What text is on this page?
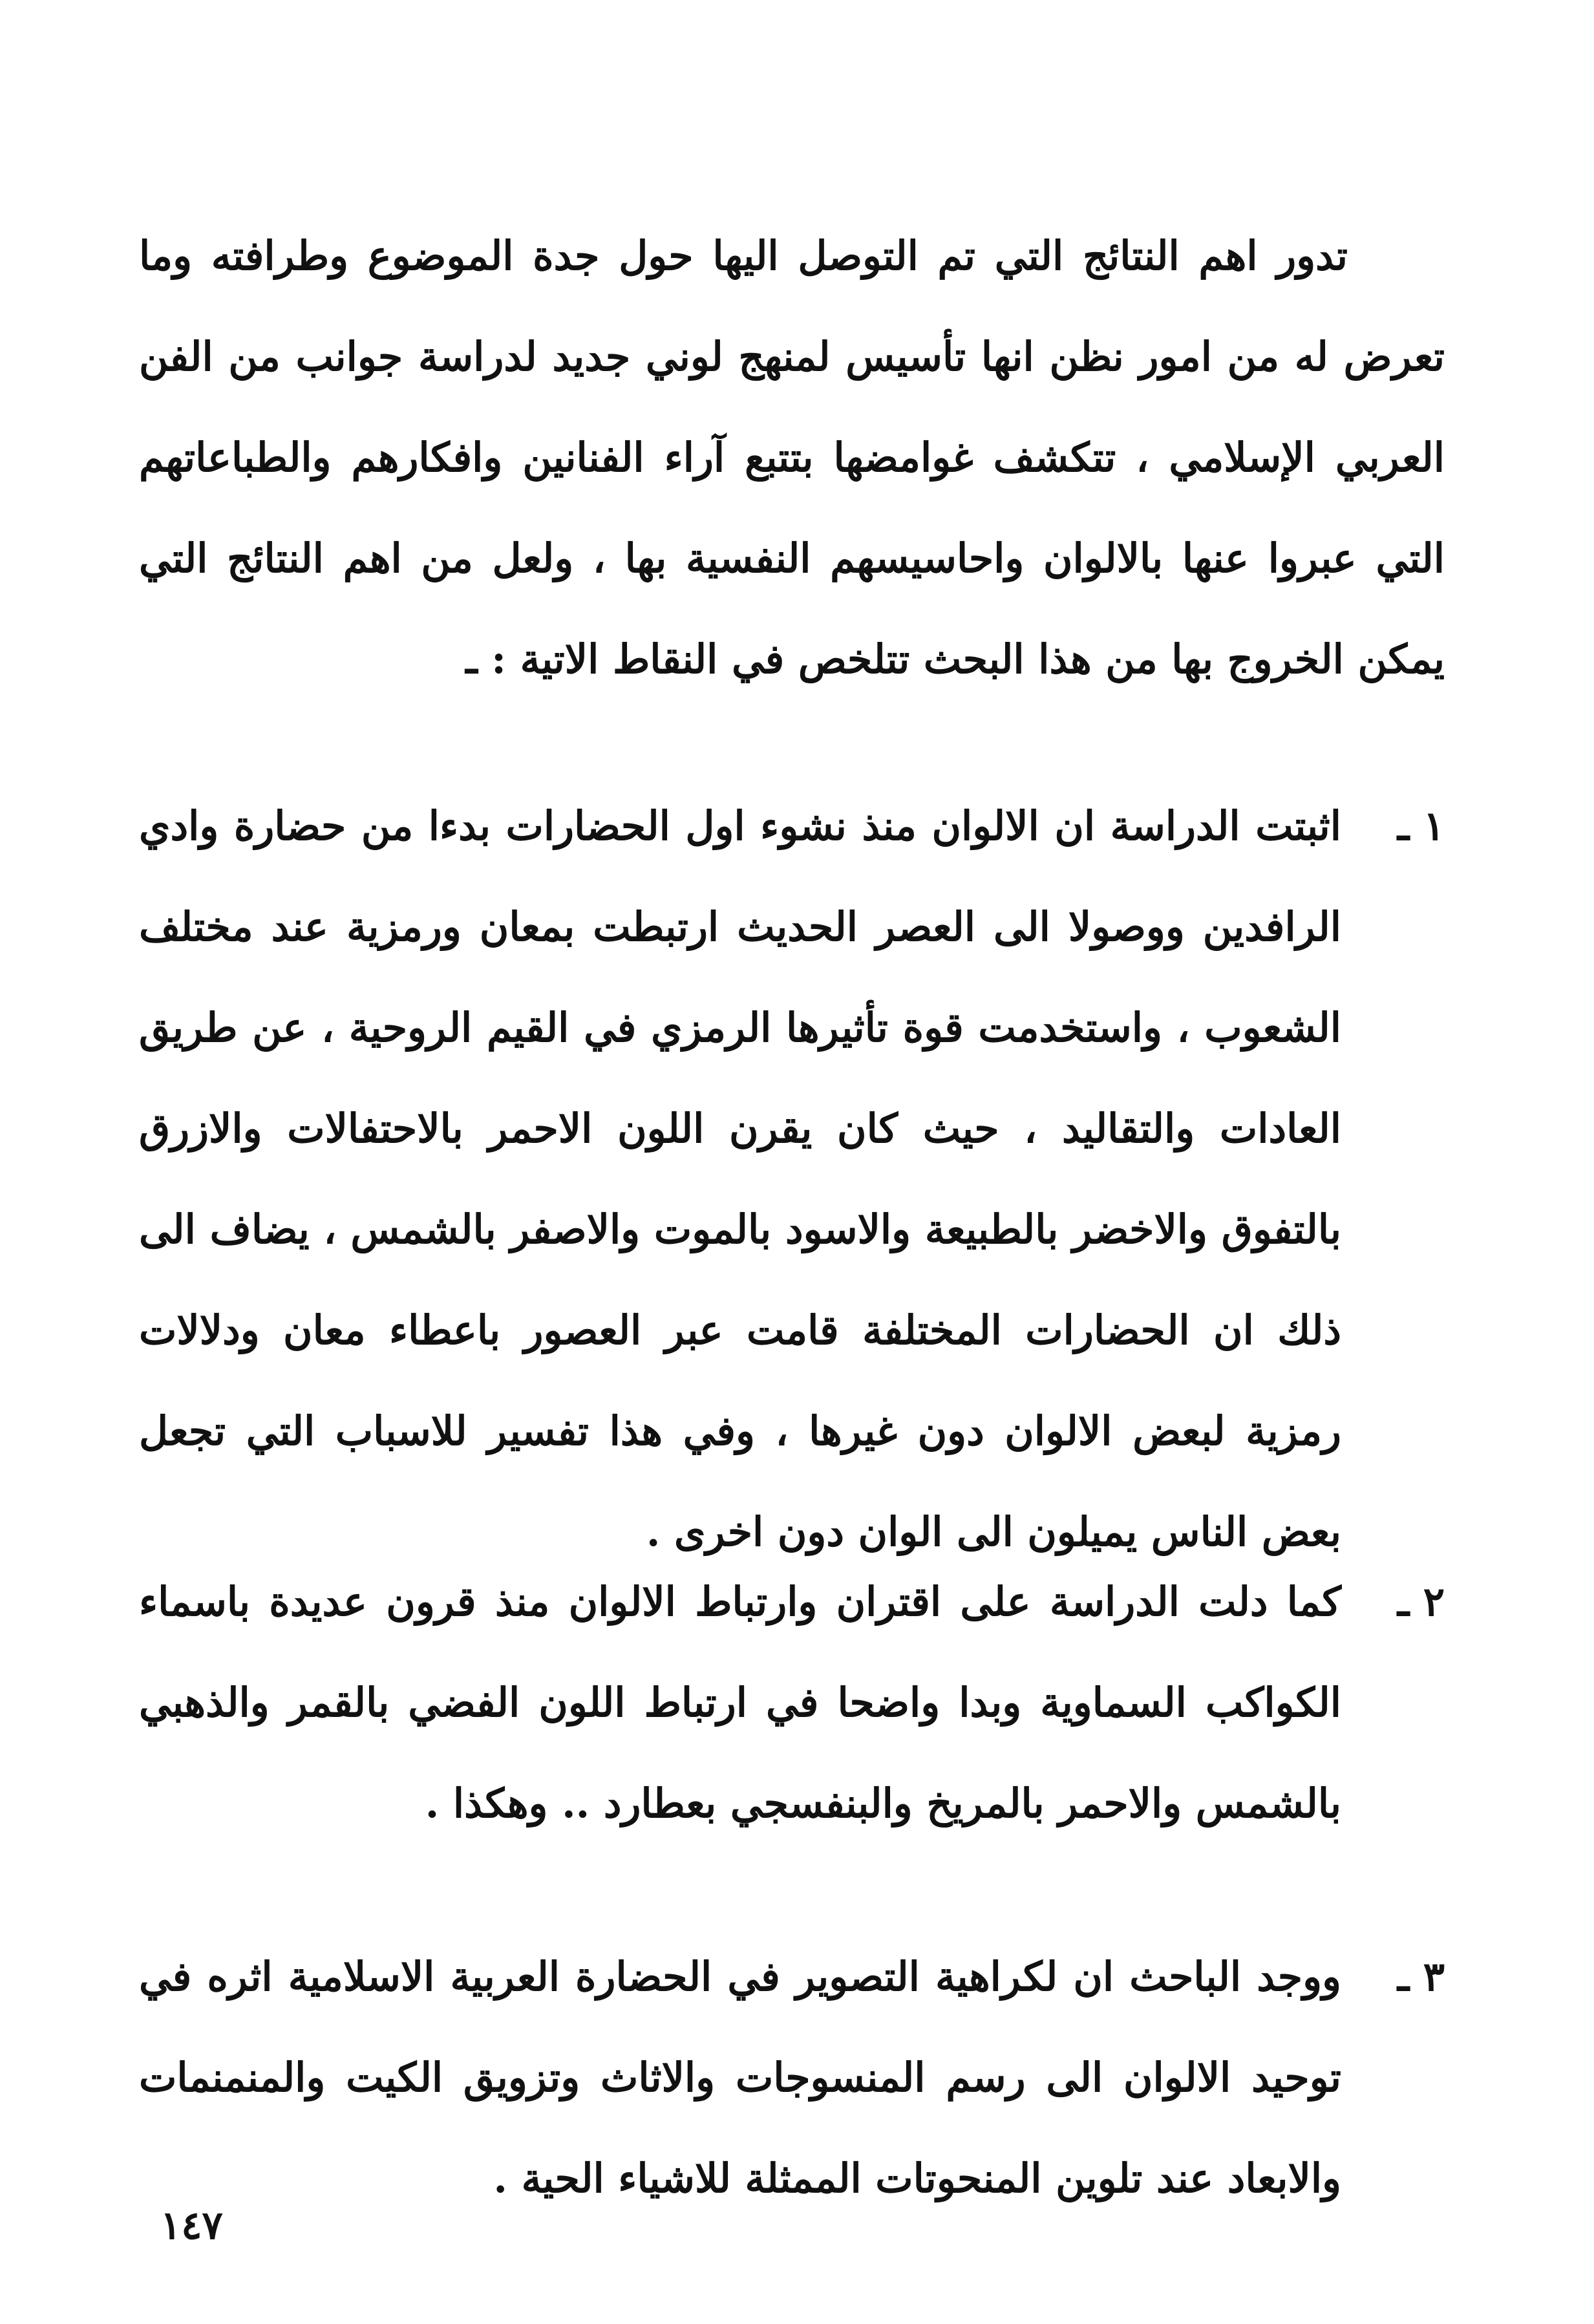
تدور اهم النتائج التي تم التوصل اليها حول جدة الموضوع وطرافته وما تعرض له من امور نظن انها تأسيس لمنهج لوني جديد لدراسة جوانب من الفن العربي الإسلامي ، تتكشف غوامضها بتتبع آراء الفنانين وافكارهم والطباعاتهم التي عبروا عنها بالالوان واحاسيسهم النفسية بها ، ولعل من اهم النتائج التي يمكن الخروج بها من هذا البحث تتلخص في النقاط الاتية : ـ

١ ـ

اثبتت الدراسة ان الالوان منذ نشوء اول الحضارات بدءا من حضارة وادي الرافدين ووصولا الى العصر الحديث ارتبطت بمعان ورمزية عند مختلف الشعوب ، واستخدمت قوة تأثيرها الرمزي في القيم الروحية ، عن طريق العادات والتقاليد ، حيث كان يقرن اللون الاحمر بالاحتفالات والازرق بالتفوق والاخضر بالطبيعة والاسود بالموت والاصفر بالشمس ، يضاف الى ذلك ان الحضارات المختلفة قامت عبر العصور باعطاء معان ودلالات رمزية لبعض الالوان دون غيرها ، وفي هذا تفسير للاسباب التي تجعل بعض الناس يميلون الى الوان دون اخرى .

٢ ـ

كما دلت الدراسة على اقتران وارتباط الالوان منذ قرون عديدة باسماء الكواكب السماوية وبدا واضحا في ارتباط اللون الفضي بالقمر والذهبي بالشمس والاحمر بالمريخ والبنفسجي بعطارد .. وهكذا .

٣ ـ

ووجد الباحث ان لكراهية التصوير في الحضارة العربية الاسلامية اثره في توحيد الالوان الى رسم المنسوجات والاثاث وتزويق الكيت والمنمنمات والابعاد عند تلوين المنحوتات الممثلة للاشياء الحية .

١٤٧
